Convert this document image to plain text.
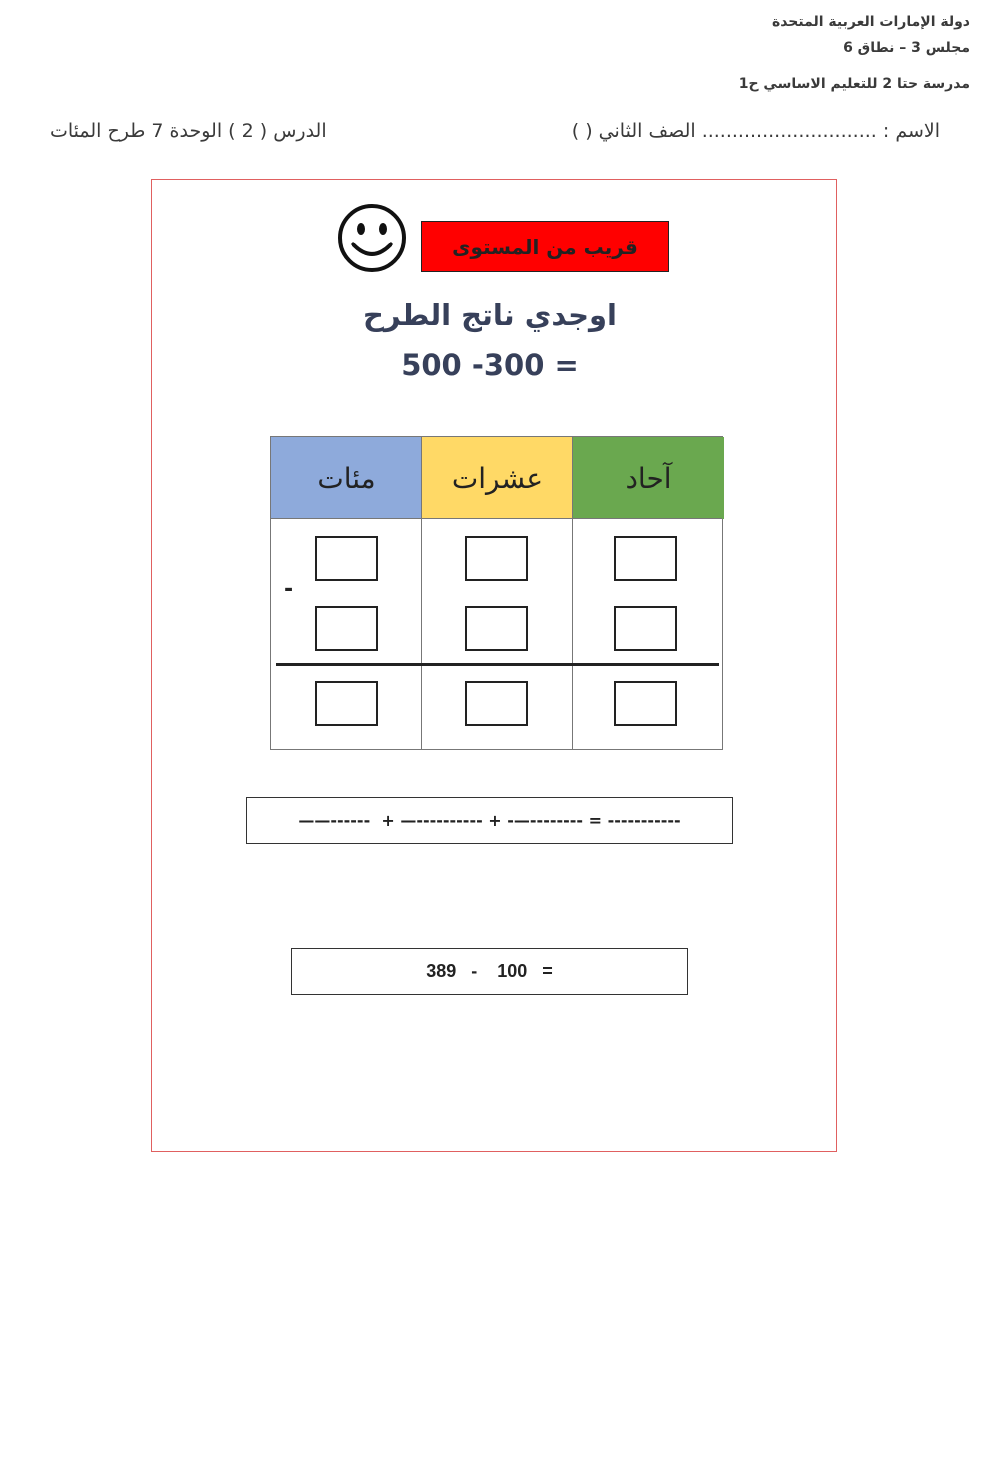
دولة الإمارات العربية المتحدة
مجلس 3 – نطاق 6
مدرسة حتا 2 للتعليم الاساسي ح1
الاسم : ............................. الصف الثاني ( )
الدرس ( 2 ) الوحدة 7 طرح المئات
قريب من المستوى
اوجدي ناتج الطرح
500 -300 =
مئات	عشرات	آحاد
-
——------  + —---------- + -—-------- = -----------
389   -    100   =
